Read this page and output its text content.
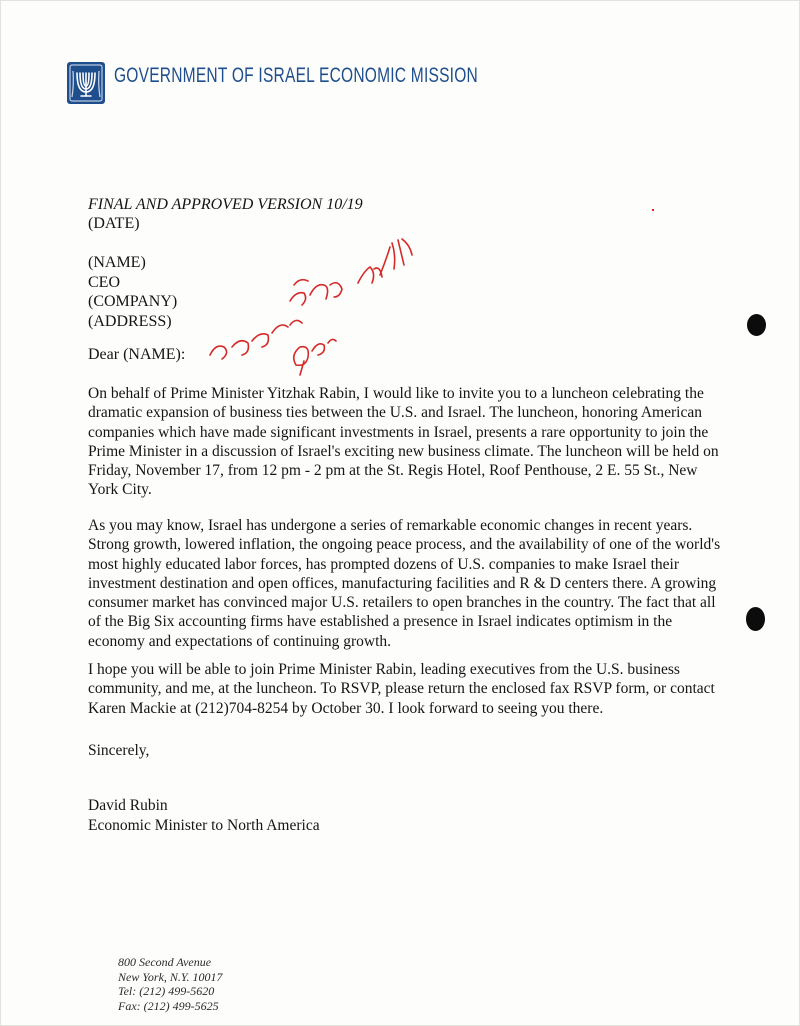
GOVERNMENT OF ISRAEL ECONOMIC MISSION
FINAL AND APPROVED VERSION 10/19
(DATE)
(NAME)
CEO
(COMPANY)
(ADDRESS)
Dear (NAME):
On behalf of Prime Minister Yitzhak Rabin, I would like to invite you to a luncheon celebrating the dramatic expansion of business ties between the U.S. and Israel. The luncheon, honoring American companies which have made significant investments in Israel, presents a rare opportunity to join the Prime Minister in a discussion of Israel's exciting new business climate. The luncheon will be held on Friday, November 17, from 12 pm - 2 pm at the St. Regis Hotel, Roof Penthouse, 2 E. 55 St., New York City.
As you may know, Israel has undergone a series of remarkable economic changes in recent years. Strong growth, lowered inflation, the ongoing peace process, and the availability of one of the world's most highly educated labor forces, has prompted dozens of U.S. companies to make Israel their investment destination and open offices, manufacturing facilities and R & D centers there. A growing consumer market has convinced major U.S. retailers to open branches in the country. The fact that all of the Big Six accounting firms have established a presence in Israel indicates optimism in the economy and expectations of continuing growth.
I hope you will be able to join Prime Minister Rabin, leading executives from the U.S. business community, and me, at the luncheon. To RSVP, please return the enclosed fax RSVP form, or contact Karen Mackie at (212)704-8254 by October 30. I look forward to seeing you there.
Sincerely,
David Rubin
Economic Minister to North America
800 Second Avenue
New York, N.Y. 10017
Tel: (212) 499-5620
Fax: (212) 499-5625
